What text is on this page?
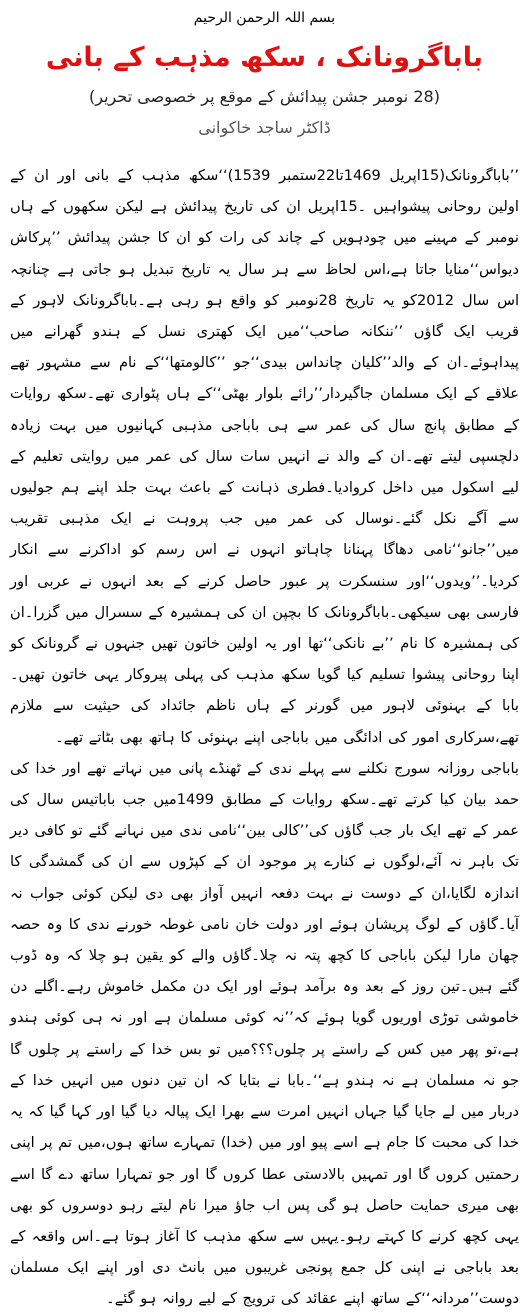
بسم اللہ الرحمن الرحیم

باباگرونانک ، سکھ مذہب کے بانی

(28 نومبر جشن پیدائش کے موقع پر خصوصی تحریر)

ڈاکٹر ساجد خاکوانی

’’باباگرونانک(15اپریل 1469تا22ستمبر 1539)‘‘سکھ مذہب کے بانی اور ان کے اولین روحانی پیشواہیں ۔15اپریل ان کی تاریخ پیدائش ہے لیکن سکھوں کے ہاں نومبر کے مہینے میں چودہویں کے چاند کی رات کو ان کا جشن پیدائش ’’پرکاش دیواس‘‘منایا جاتا ہے،اس لحاظ سے ہر سال یہ تاریخ تبدیل ہو جاتی ہے چنانچہ اس سال 2012کو یہ تاریخ 28نومبر کو واقع ہو رہی ہے۔باباگرونانک لاہور کے قریب ایک گاؤں ’’ننکانہ صاحب‘‘میں ایک کھتری نسل کے ہندو گھرانے میں پیداہوئے۔ان کے والد’’کلیان چانداس بیدی‘‘جو ’’کالومتھا‘‘کے نام سے مشہور تھے علاقے کے ایک مسلمان جاگیردار’’رائے بلوار بھٹی‘‘کے ہاں پٹواری تھے۔سکھ روایات کے مطابق پانچ سال کی عمر سے ہی باباجی مذہبی کہانیوں میں بہت زیادہ دلچسپی لیتے تھے۔ان کے والد نے انہیں سات سال کی عمر میں روایتی تعلیم کے لیے اسکول میں داخل کروادیا۔فطری ذہانت کے باعث بہت جلد اپنے ہم جولیوں سے آگے نکل گئے۔نوسال کی عمر میں جب پروہت نے ایک مذہبی تقریب میں’’جانو‘‘نامی دھاگا پہنانا چاہاتو انہوں نے اس رسم کو اداکرنے سے انکار کردیا۔’’ویدوں‘‘اور سنسکرت پر عبور حاصل کرنے کے بعد انہوں نے عربی اور فارسی بھی سیکھی۔باباگرونانک کا بچپن ان کی ہمشیرہ کے سسرال میں گزرا۔ان کی ہمشیرہ کا نام ’’بے نانکی‘‘تھا اور یہ اولین خاتون تھیں جنہوں نے گرونانک کو اپنا روحانی پیشوا تسلیم کیا گویا سکھ مذہب کی پہلی پیروکار یہی خاتون تھیں۔بابا کے بہنوئی لاہور میں گورنر کے ہاں ناظم جائداد کی حیثیت سے ملازم تھے،سرکاری امور کی ادائگی میں باباجی اپنے بہنوئی کا ہاتھ بھی بٹاتے تھے۔

باباجی روزانہ سورج نکلنے سے پہلے ندی کے ٹھنڈے پانی میں نہاتے تھے اور خدا کی حمد بیان کیا کرتے تھے۔سکھ روایات کے مطابق 1499میں جب باباتیس سال کی عمر کے تھے ایک بار جب گاؤں کی’’کالی بین‘‘نامی ندی میں نہانے گئے تو کافی دیر تک باہر نہ آئے،لوگوں نے کنارے پر موجود ان کے کپڑوں سے ان کی گمشدگی کا اندازہ لگایا،ان کے دوست نے بہت دفعہ انہیں آواز بھی دی لیکن کوئی جواب نہ آیا۔گاؤں کے لوگ پریشان ہوئے اور دولت خان نامی غوطہ خورنے ندی کا وہ حصہ چھان مارا لیکن باباجی کا کچھ پتہ نہ چلا۔گاؤں والے کو یقین ہو چلا کہ وہ ڈوب گئے ہیں۔تین روز کے بعد وہ برآمد ہوئے اور ایک دن مکمل خاموش رہے۔اگلے دن خاموشی توڑی اوریوں گویا ہوئے کہ’’نہ کوئی مسلمان ہے اور نہ ہی کوئی ہندو ہے،تو پھر میں کس کے راستے پر چلوں؟؟؟میں تو بس خدا کے راستے پر چلوں گا جو نہ مسلمان ہے نہ ہندو ہے‘‘۔بابا نے بتایا کہ ان تین دنوں میں انہیں خدا کے دربار میں لے جایا گیا جہاں انہیں امرت سے بھرا ایک پیالہ دیا گیا اور کہا گیا کہ یہ خدا کی محبت کا جام ہے اسے پیو اور میں (خدا) تمہارے ساتھ ہوں،میں تم پر اپنی رحمتیں کروں گا اور تمہیں بالادستی عطا کروں گا اور جو تمہارا ساتھ دے گا اسے بھی میری حمایت حاصل ہو گی پس اب جاؤ میرا نام لیتے رہو دوسروں کو بھی یہی کچھ کرنے کا کہتے رہو۔یہیں سے سکھ مذہب کا آغاز ہوتا ہے۔اس واقعہ کے بعد باباجی نے اپنی کل جمع پونجی غریبوں میں بانٹ دی اور اپنے ایک مسلمان دوست’’مردانہ‘‘کے ساتھ اپنے عقائد کی ترویج کے لیے روانہ ہو گئے۔
